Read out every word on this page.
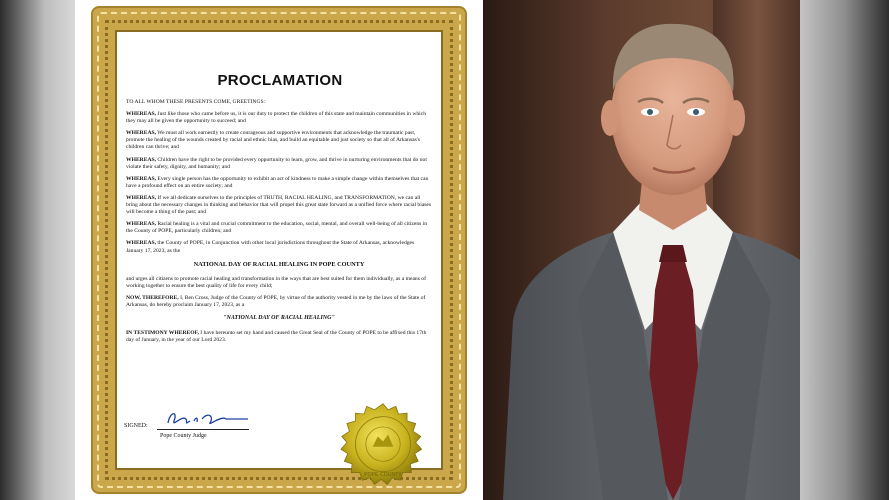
PROCLAMATION

TO ALL WHOM THESE PRESENTS COME, GREETINGS:

WHEREAS, Just like those who came before us, it is our duty to protect the children of this state and maintain communities in which they may all be given the opportunity to succeed; and

WHEREAS, We must all work earnestly to create courageous and supportive environments that acknowledge the traumatic past, promote the healing of the wounds created by racial and ethnic bias, and build an equitable and just society so that all of Arkansas's children can thrive; and

WHEREAS, Children have the right to be provided every opportunity to learn, grow, and thrive in nurturing environments that do not violate their safety, dignity, and humanity; and

WHEREAS, Every single person has the opportunity to exhibit an act of kindness to make a simple change within themselves that can have a profound effect on an entire society; and

WHEREAS, If we all dedicate ourselves to the principles of TRUTH, RACIAL HEALING, and TRANSFORMATION, we can all bring about the necessary changes in thinking and behavior that will propel this great state forward as a unified force where racial biases will become a thing of the past; and

WHEREAS, Racial healing is a vital and crucial commitment to the education, social, mental, and overall well-being of all citizens in the County of POPE, particularly children; and

WHEREAS, the County of POPE, in Conjunction with other local jurisdictions throughout the State of Arkansas, acknowledges January 17, 2023, as the

NATIONAL DAY OF RACIAL HEALING IN POPE COUNTY

and urges all citizens to promote racial healing and transformation in the ways that are best suited for them individually, as a means of working together to ensure the best quality of life for every child;

NOW, THEREFORE, I, Ben Cross, Judge of the County of POPE, by virtue of the authority vested in me by the laws of the State of Arkansas, do hereby proclaim January 17, 2023, as a

"NATIONAL DAY OF RACIAL HEALING"

IN TESTIMONY WHEREOF, I have hereunto set my hand and caused the Great Seal of the County of POPE to be affixed this 17th day of January, in the year of our Lord 2023.

SIGNED:
Pope County Judge
POPE COUNTY
